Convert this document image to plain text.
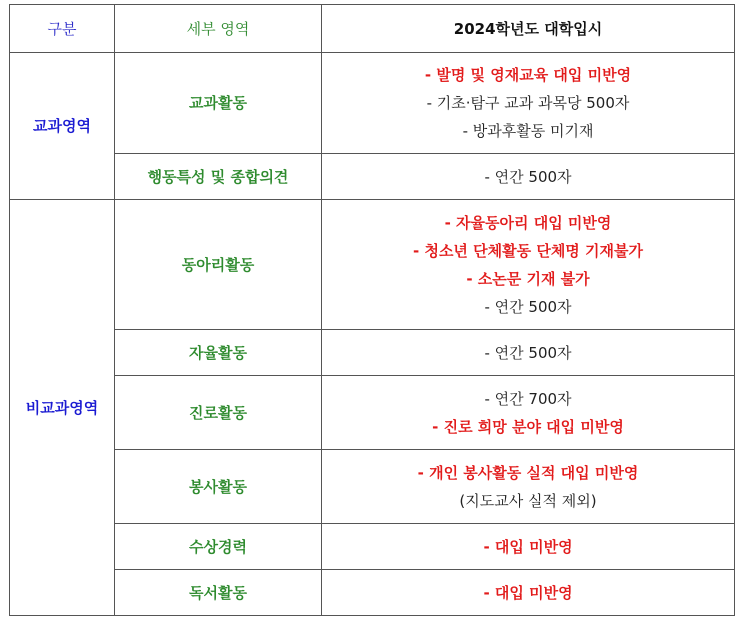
구분	세부 영역	2024학년도 대학입시
교과영역	교과활동	- 발명 및 영재교육 대입 미반영
- 기초·탐구 교과 과목당 500자
- 방과후활동 미기재

	행동특성 및 종합의견	- 연간 500자

비교과영역	동아리활동	- 자율동아리 대입 미반영
- 청소년 단체활동 단체명 기재불가
- 소논문 기재 불가
- 연간 500자

	자율활동	- 연간 500자

	진로활동	- 연간 700자
- 진로 희망 분야 대입 미반영

	봉사활동	- 개인 봉사활동 실적 대입 미반영
(지도교사 실적 제외)

	수상경력	- 대입 미반영

	독서활동	- 대입 미반영
